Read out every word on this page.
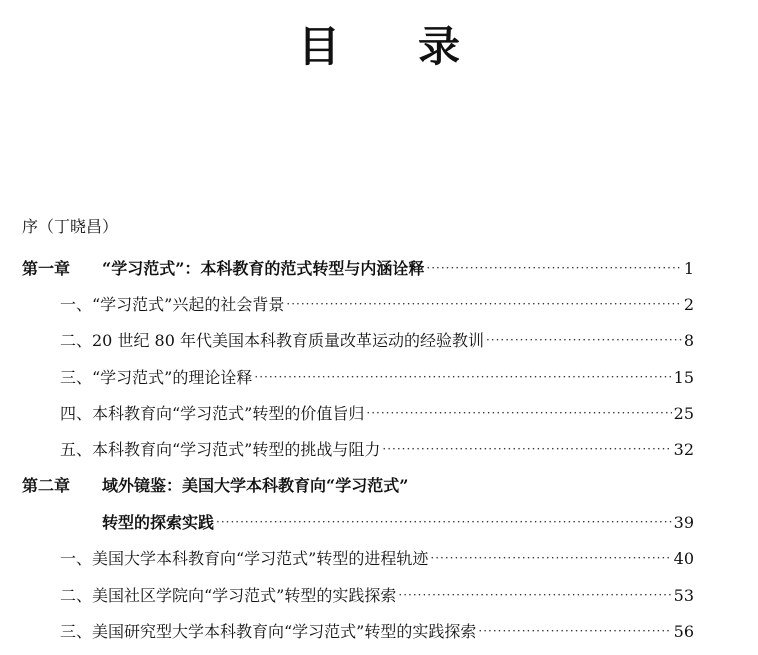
目 录
序（丁晓昌）
第一章 “学习范式”：本科教育的范式转型与内涵诠释 ·····	1
一、“学习范式”兴起的社会背景 ·····	2
二、20 世纪 80 年代美国本科教育质量改革运动的经验教训 ·····	8
三、“学习范式”的理论诠释 ·····	15
四、本科教育向“学习范式”转型的价值旨归 ·····	25
五、本科教育向“学习范式”转型的挑战与阻力 ·····	32
第二章 域外镜鉴：美国大学本科教育向“学习范式”
转型的探索实践 ·····	39
一、美国大学本科教育向“学习范式”转型的进程轨迹 ·····	40
二、美国社区学院向“学习范式”转型的实践探索 ·····	53
三、美国研究型大学本科教育向“学习范式”转型的实践探索 ·····	56
